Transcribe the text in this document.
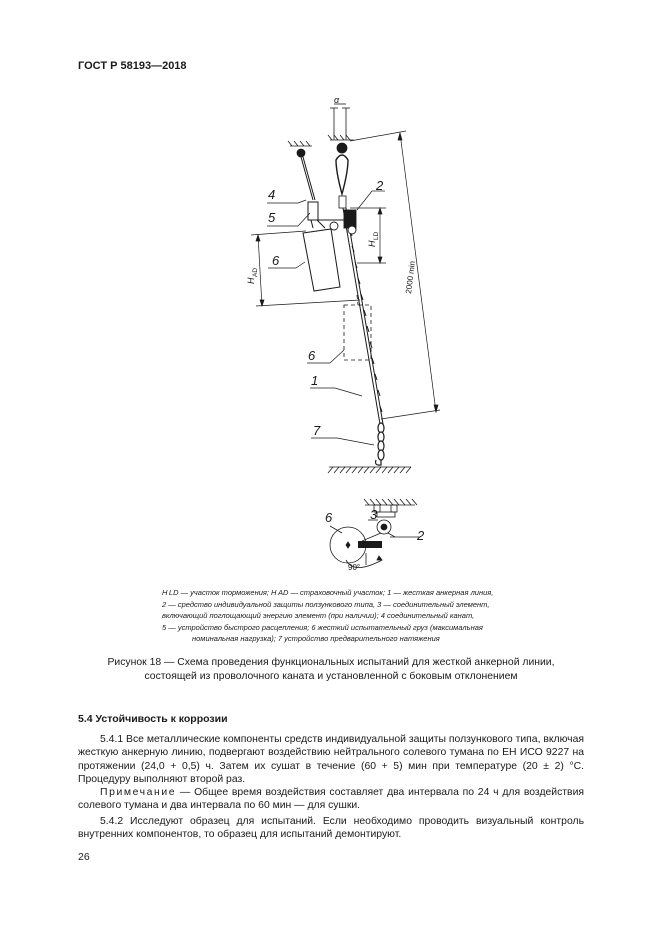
ГОСТ Р 58193—2018
α
2000 min
H
LD
H
AD
4
5
6
6
1
7
2
6	3
2
90°

H LD — участок торможения; H AD — страховочный участок; 1 — жесткая анкерная линия,

2 — средство индивидуальной защиты ползункового типа, 3 — соединительный элемент,

включающий поглощающий энергию элемент (при наличии); 4 соединительный канат,

5 — устройство быстрого расцепления; 6 жесткий испытательный груз (максимальная

номинальная нагрузка); 7 устройство предварительного натяжения

Рисунок 18 — Схема проведения функциональных испытаний для жесткой анкерной линии, состоящей из проволочного каната и установленной с боковым отклонением
5.4 Устойчивость к коррозии
5.4.1 Все металлические компоненты средств индивидуальной защиты ползункового типа, включая жесткую анкерную линию, подвергают воздействию нейтрального солевого тумана по ЕН ИСО 9227 на протяжении (24,0 + 0,5) ч. Затем их сушат в течение (60 + 5) мин при температуре (20 ± 2) °С. Процедуру выполняют второй раз.
Примечание — Общее время воздействия составляет два интервала по 24 ч для воздействия солевого тумана и два интервала по 60 мин — для сушки.
5.4.2 Исследуют образец для испытаний. Если необходимо проводить визуальный контроль внутренних компонентов, то образец для испытаний демонтируют.
26
